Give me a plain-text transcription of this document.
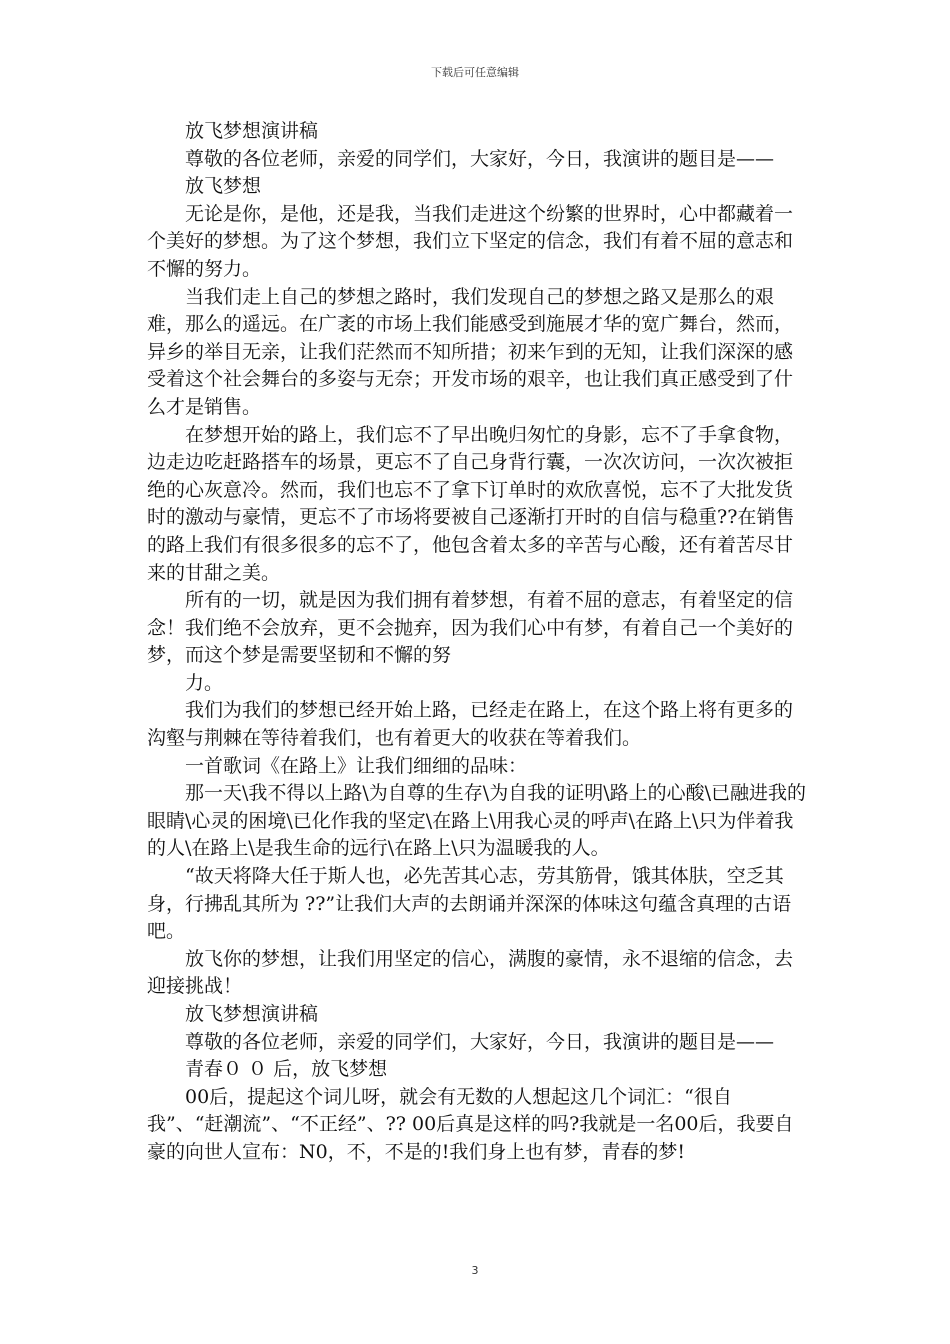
下载后可任意编辑

放飞梦想演讲稿

尊敬的各位老师，亲爱的同学们，大家好，今日，我演讲的题目是——

放飞梦想

无论是你，是他，还是我，当我们走进这个纷繁的世界时，心中都藏着一个美好的梦想。为了这个梦想，我们立下坚定的信念，我们有着不屈的意志和不懈的努力。

当我们走上自己的梦想之路时，我们发现自己的梦想之路又是那么的艰难，那么的遥远。在广袤的市场上我们能感受到施展才华的宽广舞台，然而，异乡的举目无亲，让我们茫然而不知所措；初来乍到的无知，让我们深深的感受着这个社会舞台的多姿与无奈；开发市场的艰辛，也让我们真正感受到了什么才是销售。

在梦想开始的路上，我们忘不了早出晚归匆忙的身影，忘不了手拿食物，边走边吃赶路搭车的场景，更忘不了自己身背行囊，一次次访问，一次次被拒绝的心灰意冷。然而，我们也忘不了拿下订单时的欢欣喜悦，忘不了大批发货时的激动与豪情，更忘不了市场将要被自己逐渐打开时的自信与稳重??在销售的路上我们有很多很多的忘不了，他包含着太多的辛苦与心酸，还有着苦尽甘来的甘甜之美。

所有的一切，就是因为我们拥有着梦想，有着不屈的意志，有着坚定的信念！我们绝不会放弃，更不会抛弃，因为我们心中有梦，有着自己一个美好的梦，而这个梦是需要坚韧和不懈的努

力。

我们为我们的梦想已经开始上路，已经走在路上，在这个路上将有更多的沟壑与荆棘在等待着我们，也有着更大的收获在等着我们。

一首歌词《在路上》让我们细细的品味：

那一天\我不得以上路\为自尊的生存\为自我的证明\路上的心酸\已融进我的眼睛\心灵的困境\已化作我的坚定\在路上\用我心灵的呼声\在路上\只为伴着我的人\在路上\是我生命的远行\在路上\只为温暖我的人。

“故天将降大任于斯人也，必先苦其心志，劳其筋骨，饿其体肤，空乏其身，行拂乱其所为 ??”让我们大声的去朗诵并深深的体味这句蕴含真理的古语吧。

放飞你的梦想，让我们用坚定的信心，满腹的豪情，永不退缩的信念，去迎接挑战！

放飞梦想演讲稿

尊敬的各位老师，亲爱的同学们，大家好，今日，我演讲的题目是——

青春０ ０ 后，放飞梦想

00后，提起这个词儿呀，就会有无数的人想起这几个词汇：“很自我”、“赶潮流”、“不正经”、?? 00后真是这样的吗?我就是一名00后，我要自豪的向世人宣布：N0，不，不是的!我们身上也有梦，青春的梦!

3
